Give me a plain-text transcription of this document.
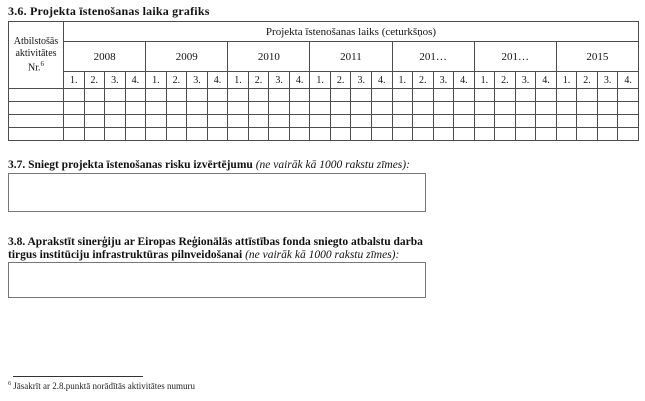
3.6. Projekta īstenošanas laika grafiks
Atbilstošās aktivitātes Nr.$^6$	Projekta īstenošanas laiks (ceturkšņos)																											
	2008				2009				2010				2011				201…				201…				2015			
	1.	2.	3.	4.	1.	2.	3.	4.	1.	2.	3.	4.	1.	2.	3.	4.	1.	2.	3.	4.	1.	2.	3.	4.	1.	2.	3.	4.

3.7. Sniegt projekta īstenošanas risku izvērtējumu (ne vairāk kā 1000 rakstu zīmes):
3.8. Aprakstīt sinerģiju ar Eiropas Reģionālās attīstības fonda sniegto atbalstu darba
tirgus institūciju infrastruktūras pilnveidošanai (ne vairāk kā 1000 rakstu zīmes):
$^6$ Jāsakrīt ar 2.8.punktā norādītās aktivitātes numuru
